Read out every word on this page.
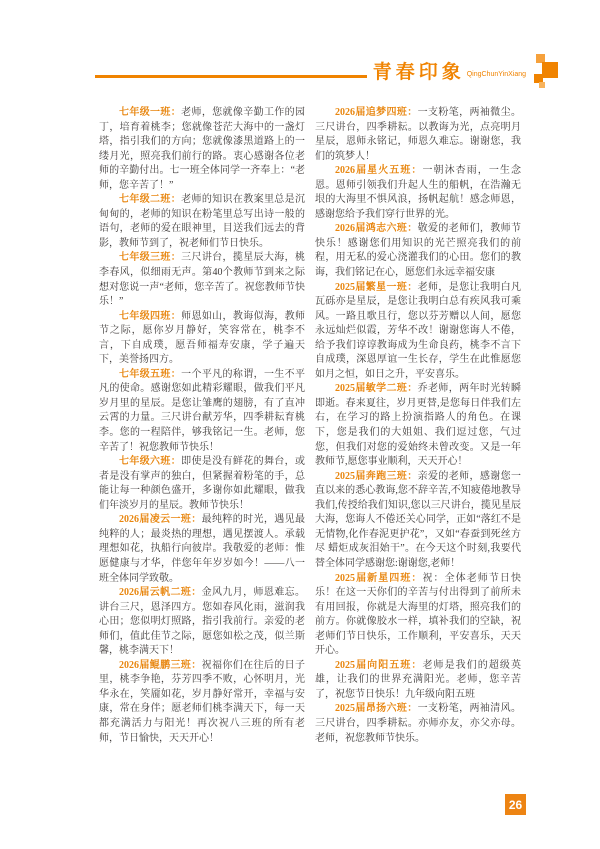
青春印象 QingChunYinXiang

七年级一班：老师，您就像辛勤工作的园丁，培育着桃李；您就像苍茫大海中的一盏灯塔，指引我们的方向；您就像漆黑道路上的一缕月光，照亮我们前行的路。衷心感谢各位老师的辛勤付出。七一班全体同学一齐奉上：“老师，您辛苦了！”

七年级二班：老师的知识在教案里总是沉甸甸的，老师的知识在粉笔里总写出诗一般的语句，老师的爱在眼神里，目送我们远去的背影，教师节到了，祝老师们节日快乐。

七年级三班：三尺讲台，揽星辰大海，桃李春风，似细雨无声。第40个教师节到来之际想对您说一声“老师，您辛苦了。祝您教师节快乐！”

七年级四班：师恩如山，教诲似海，教师节之际，愿你岁月静好，笑容常在，桃李不言，下自成璞，愿吾师福寿安康，学子遍天下，美誉扬四方。

七年级五班：一个平凡的称谓，一生不平凡的使命。感谢您如此精彩耀眼，做我们平凡岁月里的星辰。是您让雏鹰的翅膀，有了直冲云霄的力量。三尺讲台献芳华，四季耕耘育桃李。您的一程陪伴，够我铭记一生。老师，您辛苦了！祝您教师节快乐！

七年级六班：即使是没有鲜花的舞台，或者是没有掌声的独白，但紧握着粉笔的手，总能让每一种颜色盛开，多谢你如此耀眼，做我们年淡岁月的星辰。教师节快乐！

2026届凌云一班：最纯粹的时光，遇见最纯粹的人；最炎热的理想，遇见摆渡人。承载理想如花，执船行向彼岸。我敬爱的老师：惟愿健康与才华，伴您年年岁岁如今！——八一班全体同学致敬。

2026届云帆二班：金风九月，师恩难忘。讲台三尺，恩泽四方。您如春风化雨，滋润我心田；您似明灯照路，指引我前行。亲爱的老师们，值此佳节之际，愿您如松之茂，似兰斯馨，桃李满天下！

2026届鲲鹏三班：祝福你们在往后的日子里，桃李争艳，芬芳四季不败，心怀明月，光华永在，笑靥如花，岁月静好常开，幸福与安康，常在身伴；愿老师们桃李满天下，每一天都充满活力与阳光！再次祝八三班的所有老师，节日愉快，天天开心！

2026届追梦四班：一支粉笔，两袖微尘。三尺讲台，四季耕耘。以教诲为光，点亮明月星辰，恩师永铭记，师恩久难忘。谢谢您，我们的筑梦人！

2026届星火五班：一朝沐杏雨，一生念恩。恩师引领我们升起人生的船帆，在浩瀚无垠的大海里不惧风浪，扬帆起航！感念师恩，感谢您给予我们穿行世界的光。

2026届鸿志六班：敬爱的老师们，教师节快乐！感谢您们用知识的光芒照亮我们的前程，用无私的爱心浇灌我们的心田。您们的教诲，我们铭记在心，愿您们永远幸福安康

2025届繁星一班：老师，是您让我明白凡瓦砾亦是星辰，是您让我明白总有疾风我可乘风。一路且歌且行，您以芬芳赠以人间，愿您永远灿烂似霞，芳华不改！谢谢您诲人不倦，给予我们谆谆教诲成为生命良药，桃李不言下自成璞，深恩厚谊一生长存，学生在此惟愿您如月之恒，如日之升，平安喜乐。

2025届敏学二班：乔老师，两年时光转瞬即逝。春来夏往，岁月更替,是您每日伴我们左右，在学习的路上扮演指路人的角色。在课下，您是我们的大姐姐、我们逗过您，气过您，但我们对您的爱始终未曾改变。又是一年教师节,愿您事业顺利，天天开心！

2025届奔跑三班：亲爱的老师，感谢您一直以来的悉心教诲,您不辞辛苦,不知疲倦地教导我们,传授给我们知识,您以三尺讲台，揽见星辰大海，您诲人不倦还关心同学，正如“落红不是无情物,化作春泥更护花”，又如“春蚕到死丝方尽 蜡炬成灰泪始干”。在今天这个时刻,我要代替全体同学感谢您:谢谢您,老师！

2025届新星四班：祝：全体老师节日快乐！在这一天你们的辛苦与付出得到了前所未有用回报，你就是大海里的灯塔，照亮我们的前方。你就像胶水一样，填补我们的空缺，祝老师们节日快乐，工作顺利，平安喜乐，天天开心。

2025届向阳五班：老师是我们的超级英雄，让我们的世界充满阳光。老师，您辛苦了，祝您节日快乐！九年级向阳五班

2025届昂扬六班：一支粉笔，两袖清风。三尺讲台，四季耕耘。亦师亦友，亦父亦母。老师，祝您教师节快乐。

26
